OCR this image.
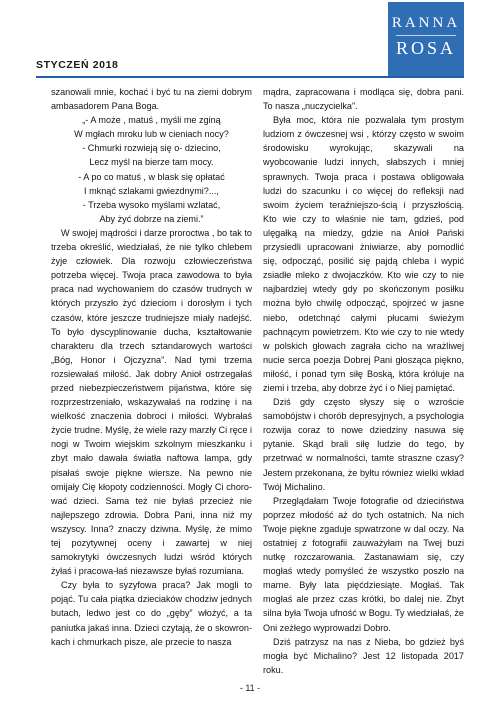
STYCZEŃ 2018
RANNA
ROSA

szanowali mnie, kochać i być tu na ziemi dobrym ambasadorem Pana Boga.

„- A może , matuś , myśli me zginą
W mgłach mroku lub w cieniach nocy?
- Chmurki rozwieją się o- dziecino,
Lecz myśl na bierze tam mocy.
- A po co matuś , w blask się opłatać
I mknąć szlakami gwiezdnymi?...,
- Trzeba wysoko myślami wzlatać,
Aby żyć dobrze na ziemi.”

W swojej mądrości i darze proroctwa , bo tak to trzeba określić, wiedziałaś, że nie tylko chlebem żyje człowiek. Dla rozwoju człowieczeństwa potrzeba więcej. Twoja praca zawodowa to była praca nad wychowaniem do czasów trudnych w których przyszło żyć dzieciom i dorosłym i tych czasów, które jeszcze trudniejsze miały nadejść. To było dyscyplinowanie ducha, kształtowanie charakteru dla trzech sztandarowych wartości „Bóg, Honor i Ojczyzna”. Nad tymi trzema rozsiewałaś miłość. Jak dobry Anioł ostrzegałaś przed niebezpieczeństwem pijaństwa, które się rozprzestrzeniało, wskazywałaś na rodzinę i na wielkość znaczenia dobroci i miłości. Wybrałaś życie trudne. Myślę, że wiele razy marzły Ci ręce i nogi w Twoim wiejskim szkolnym mieszkanku i zbyt mało dawała światła naftowa lampa, gdy pisałaś swoje piękne wiersze. Na pewno nie omijały Cię kłopoty codzienności. Mogły Ci choro-wać dzieci. Sama też nie byłaś przecież nie najlepszego zdrowia. Dobra Pani, inna niż my wszyscy. Inna? znaczy dziwna. Myślę, że mimo tej pozytywnej oceny i zawartej w niej samokrytyki ówczesnych ludzi wśród których żyłaś i pracowa-łaś niezawsze byłaś rozumiana.

Czy była to syzyfowa praca? Jak mogli to pojąć. Tu cała piątka dzieciaków chodziw jednych butach, ledwo jest co do „gęby” włożyć, a ta paniutka jakaś inna. Dzieci czytają, że o skowron-kach i chmurkach pisze, ale przecie to nasza

mądra, zapracowana i modląca się, dobra pani. To nasza „nuczycielka”.

Była moc, która nie pozwalała tym prostym ludziom z ówczesnej wsi , którzy często w swoim środowisku wyrokując, skazywali na wyobcowanie ludzi innych, słabszych i mniej sprawnych. Twoja praca i postawa obligowała ludzi do szacunku i co więcej do refleksji nad swoim życiem teraźniejszo-ścią i przyszłością. Kto wie czy to właśnie nie tam, gdzieś, pod ulęgałką na miedzy, gdzie na Anioł Pański przysiedli upracowani żniwiarze, aby pomodlić się, odpocząć, posilić się pajdą chleba i wypić zsiadłe mleko z dwojaczków. Kto wie czy to nie najbardziej wtedy gdy po skończonym posiłku można było chwilę odpocząć, spojrzeć w jasne niebo, odetchnąć całymi płucami świeżym pachnącym powietrzem. Kto wie czy to nie wtedy w polskich głowach zagrała cicho na wrażliwej nucie serca poezja Dobrej Pani głosząca piękno, miłość, i ponad tym siłę Boską, która króluje na ziemi i trzeba, aby dobrze żyć i o Niej pamiętać.

Dziś gdy często słyszy się o wzroście samobójstw i chorób depresyjnych, a psychologia rozwija coraz to nowe dziedziny nasuwa się pytanie. Skąd brali siłę ludzie do tego, by przetrwać w normalności, tamte straszne czasy? Jestem przekonana, że byłtu równiez wielki wkład Twój Michalino.

Przeglądałam Twoje fotografie od dzieciństwa poprzez młodość aż do tych ostatnich. Na nich Twoje piękne zgaduje spwatrzone w dal oczy. Na ostatniej z fotografii zauważyłam na Twej buzi nutkę rozczarowania. Zastanawiam się, czy mogłaś wtedy pomyśleć że wszystko poszło na marne. Były lata pięćdziesiąte. Mogłaś. Tak mogłaś ale przez czas krótki, bo dalej nie. Zbyt silna była Twoja ufność w Bogu. Ty wiedziałaś, że Oni zeżłego wyprowadzi Dobro.

Dziś patrzysz na nas z Nieba, bo gdzież byś mogła być Michalino? Jest 12 listopada 2017 roku.

- 11 -
